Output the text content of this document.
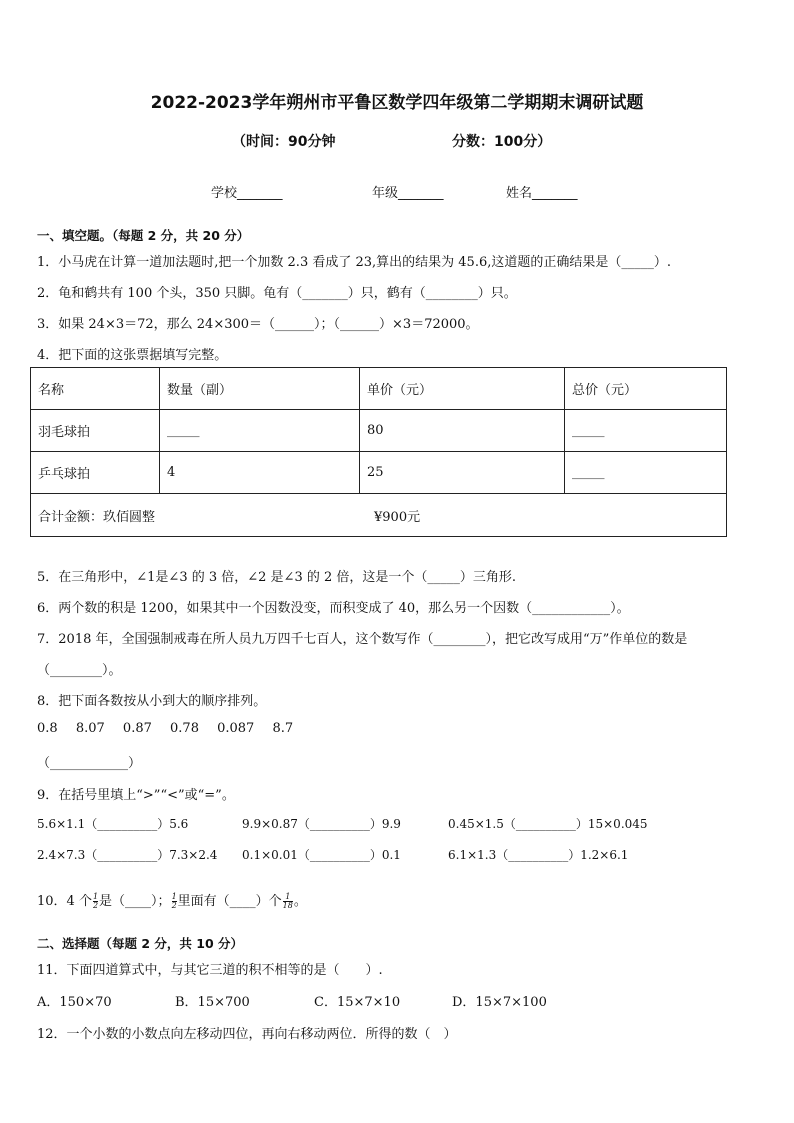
2022-2023学年朔州市平鲁区数学四年级第二学期期末调研试题
（时间：90分钟	分数：100分）
学校_______	年级_______	姓名_______
一、填空题。（每题 2 分，共 20 分）
1．小马虎在计算一道加法题时,把一个加数 2.3 看成了 23,算出的结果为 45.6,这道题的正确结果是（_____）.
2．龟和鹤共有 100 个头，350 只脚。龟有（_______）只，鹤有（________）只。
3．如果 24×3＝72，那么 24×300＝（______）；（______）×3＝72000。
4．把下面的这张票据填写完整。
名称	数量（副）	单价（元）	总价（元）
羽毛球拍	_____	80	_____
乒乓球拍	4	25	_____
合计金额：玖佰圆整 ¥900元			
5．在三角形中，∠1是∠3 的 3 倍，∠2 是∠3 的 2 倍，这是一个（_____）三角形.
6．两个数的积是 1200，如果其中一个因数没变，而积变成了 40，那么另一个因数（____________）。
7．2018 年，全国强制戒毒在所人员九万四千七百人，这个数写作（________），把它改写成用“万”作单位的数是
（________）。
8．把下面各数按从小到大的顺序排列。
0.8 8.07 0.87 0.78 0.087 8.7
（____________）
9．在括号里填上“>”“<”或“=”。
5.6×1.1（__________）5.6	9.9×0.87（__________）9.9	0.45×1.5（__________）15×0.045
2.4×7.3（__________）7.3×2.4 0.1×0.01（__________）0.1	6.1×1.3（__________）1.2×6.1
10．4 个 $\frac{1}{2}$ 是（____）； $\frac{1}{2}$ 里面有（____）个 $\frac{1}{18}$ 。
二、选择题（每题 2 分，共 10 分）
11．下面四道算式中，与其它三道的积不相等的是（　　）.
A．150×70	B．15×700	C．15×7×10	D．15×7×100
12．一个小数的小数点向左移动四位，再向右移动两位．所得的数（　）
